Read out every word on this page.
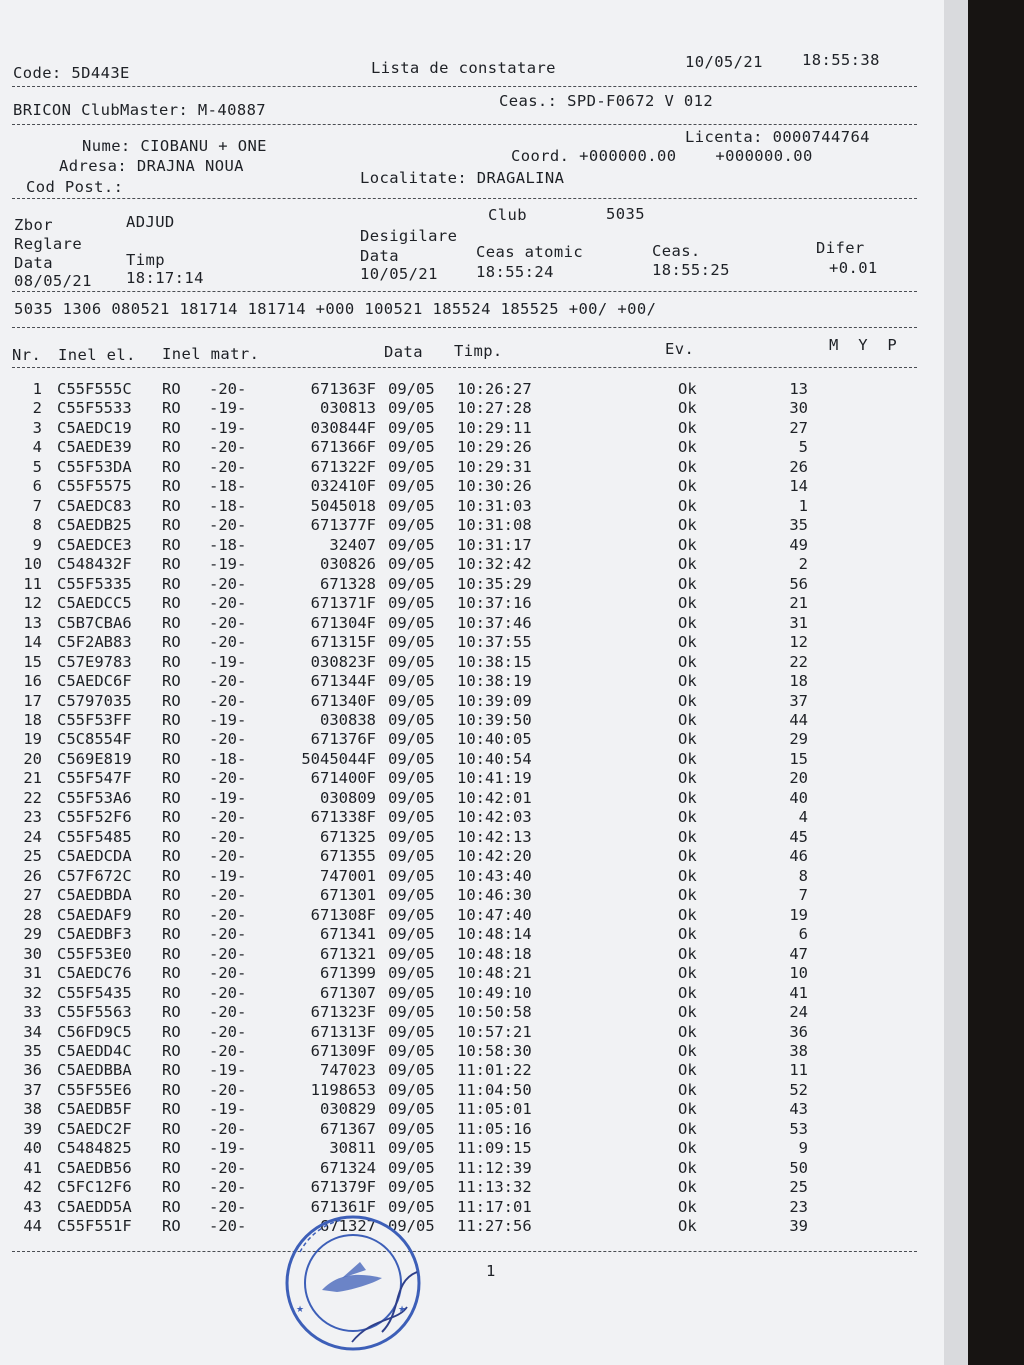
Code: 5D443E	Lista de constatare	10/05/21	18:55:38
BRICON ClubMaster: M-40887	Ceas.: SPD-F0672 V 012
Licenta: 0000744764
Nume: CIOBANU + ONE
Adresa: DRAJNA NOUA
Coord. +000000.00    +000000.00
Cod Post.:	Localitate: DRAGALINA
Zbor	ADJUD	Club	5035
Reglare	Desigilare
Data	Timp	Data	Ceas atomic	Ceas.	Difer
08/05/21 18:17:14	10/05/21 18:55:24	18:55:25	+0.01
5035 1306 080521 181714 181714 +000 100521 185524 185525 +00/ +00/
Nr. Inel el. Inel matr.	Data Timp.	Ev.	M  Y  P
1 C55F555C RO -20-	671363F 09/05 10:26:27	Ok	13
2 C55F5533 RO -19-	030813 09/05 10:27:28	Ok	30
3 C5AEDC19 RO -19-	030844F 09/05 10:29:11	Ok	27
4 C5AEDE39 RO -20-	671366F 09/05 10:29:26	Ok	5
5 C55F53DA RO -20-	671322F 09/05 10:29:31	Ok	26
6 C55F5575 RO -18-	032410F 09/05 10:30:26	Ok	14
7 C5AEDC83 RO -18-	5045018 09/05 10:31:03	Ok	1
8 C5AEDB25 RO -20-	671377F 09/05 10:31:08	Ok	35
9 C5AEDCE3 RO -18-	32407 09/05 10:31:17	Ok	49
10 C548432F RO -19-	030826 09/05 10:32:42	Ok	2
11 C55F5335 RO -20-	671328 09/05 10:35:29	Ok	56
12 C5AEDCC5 RO -20-	671371F 09/05 10:37:16	Ok	21
13 C5B7CBA6 RO -20-	671304F 09/05 10:37:46	Ok	31
14 C5F2AB83 RO -20-	671315F 09/05 10:37:55	Ok	12
15 C57E9783 RO -19-	030823F 09/05 10:38:15	Ok	22
16 C5AEDC6F RO -20-	671344F 09/05 10:38:19	Ok	18
17 C5797035 RO -20-	671340F 09/05 10:39:09	Ok	37
18 C55F53FF RO -19-	030838 09/05 10:39:50	Ok	44
19 C5C8554F RO -20-	671376F 09/05 10:40:05	Ok	29
20 C569E819 RO -18-	5045044F 09/05 10:40:54	Ok	15
21 C55F547F RO -20-	671400F 09/05 10:41:19	Ok	20
22 C55F53A6 RO -19-	030809 09/05 10:42:01	Ok	40
23 C55F52F6 RO -20-	671338F 09/05 10:42:03	Ok	4
24 C55F5485 RO -20-	671325 09/05 10:42:13	Ok	45
25 C5AEDCDA RO -20-	671355 09/05 10:42:20	Ok	46
26 C57F672C RO -19-	747001 09/05 10:43:40	Ok	8
27 C5AEDBDA RO -20-	671301 09/05 10:46:30	Ok	7
28 C5AEDAF9 RO -20-	671308F 09/05 10:47:40	Ok	19
29 C5AEDBF3 RO -20-	671341 09/05 10:48:14	Ok	6
30 C55F53E0 RO -20-	671321 09/05 10:48:18	Ok	47
31 C5AEDC76 RO -20-	671399 09/05 10:48:21	Ok	10
32 C55F5435 RO -20-	671307 09/05 10:49:10	Ok	41
33 C55F5563 RO -20-	671323F 09/05 10:50:58	Ok	24
34 C56FD9C5 RO -20-	671313F 09/05 10:57:21	Ok	36
35 C5AEDD4C RO -20-	671309F 09/05 10:58:30	Ok	38
36 C5AEDBBA RO -19-	747023 09/05 11:01:22	Ok	11
37 C55F55E6 RO -20-	1198653 09/05 11:04:50	Ok	52
38 C5AEDB5F RO -19-	030829 09/05 11:05:01	Ok	43
39 C5AEDC2F RO -20-	671367 09/05 11:05:16	Ok	53
40 C5484825 RO -19-	30811 09/05 11:09:15	Ok	9
41 C5AEDB56 RO -20-	671324 09/05 11:12:39	Ok	50
42 C5FC12F6 RO -20-	671379F 09/05 11:13:32	Ok	25
43 C5AEDD5A RO -20-	671361F 09/05 11:17:01	Ok	23
44 C55F551F RO -20-	671327 09/05 11:27:56	Ok	39
1
★	★
